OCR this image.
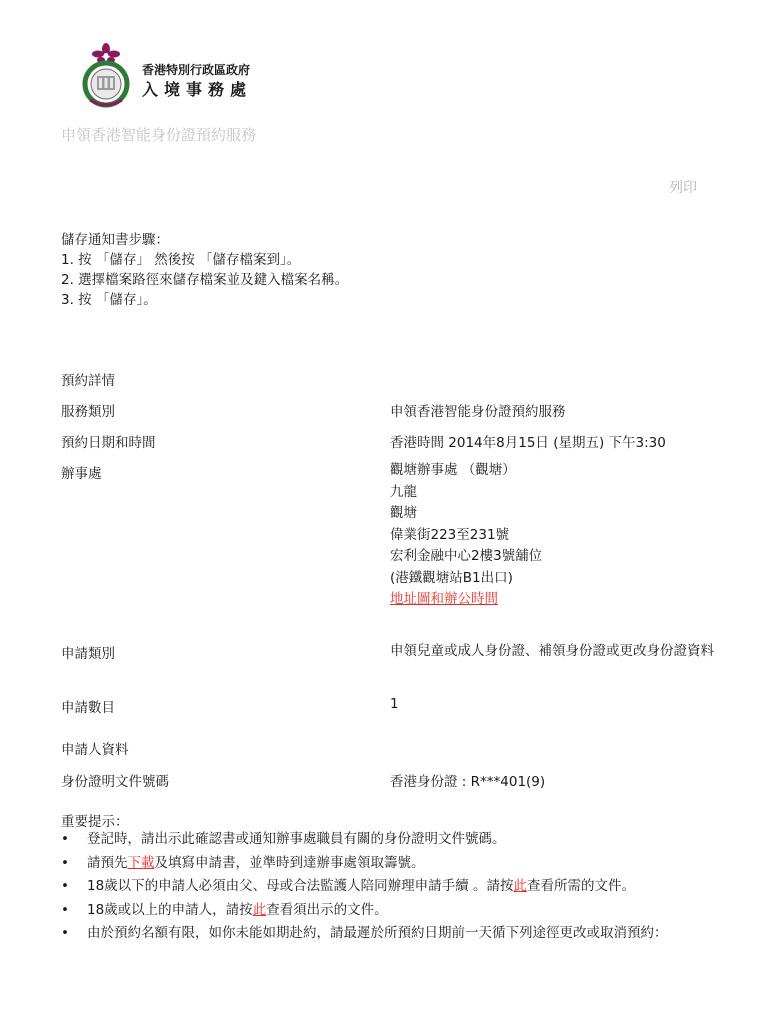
香港特別行政區政府
入境事務處
申領香港智能身份證預約服務
列印
儲存通知書步驟：
1. 按 「儲存」 然後按 「儲存檔案到」。
2. 選擇檔案路徑來儲存檔案並及鍵入檔案名稱。
3. 按 「儲存」。
預約詳情
服務類別	申領香港智能身份證預約服務
預約日期和時間	香港時間 2014年8月15日 (星期五) 下午3:30
辦事處	觀塘辦事處 （觀塘）
九龍
觀塘
偉業街223至231號
宏利金融中心2樓3號舖位
(港鐵觀塘站B1出口)
地址圖和辦公時間
申請類別	申領兒童或成人身份證、補領身份證或更改身份證資料
申請數目	1
申請人資料
身份證明文件號碼	香港身份證 : R***401(9)
重要提示：
• 登記時，請出示此確認書或通知辦事處職員有關的身份證明文件號碼。
• 請預先下載及填寫申請書，並準時到達辦事處領取籌號。
• 18歲以下的申請人必須由父、母或合法監護人陪同辦理申請手續 。請按此查看所需的文件。
• 18歲或以上的申請人，請按此查看須出示的文件。
• 由於預約名額有限，如你未能如期赴約，請最遲於所預約日期前一天循下列途徑更改或取消預約：
